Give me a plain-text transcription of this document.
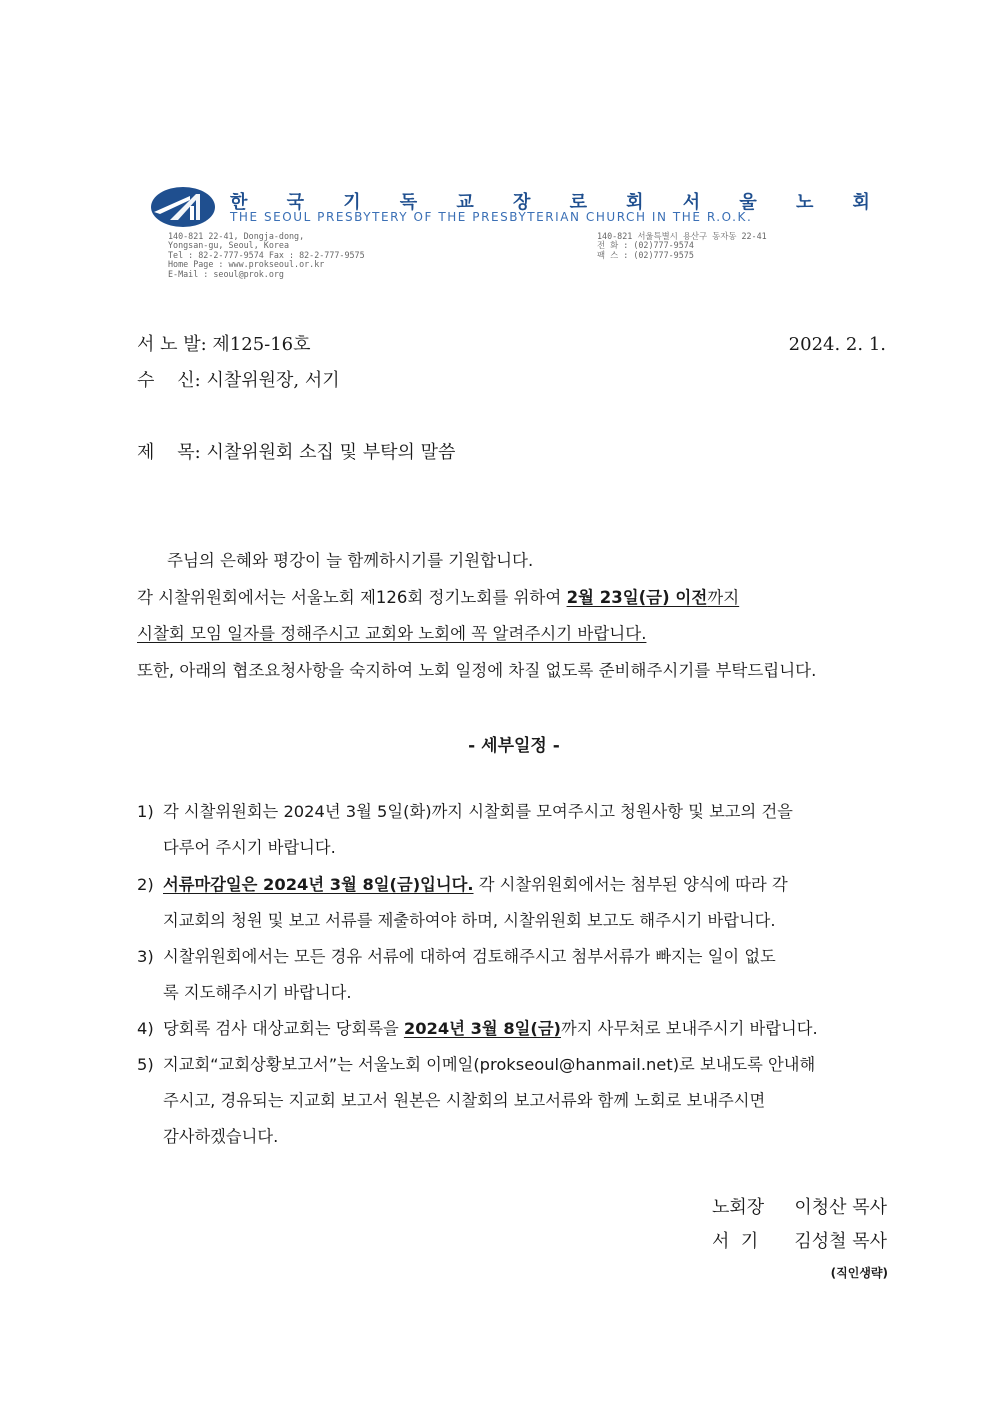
한 국 기 독 교 장 로 회 서 울 노 회
THE SEOUL PRESBYTERY OF THE PRESBYTERIAN CHURCH IN THE R.O.K.
140-821 22-41, Dongja-dong,
Yongsan-gu, Seoul, Korea
Tel : 82-2-777-9574 Fax : 82-2-777-9575
Home Page : www.prokseoul.or.kr
E-Mail : seoul@prok.org
140-821 서울특별시 용산구 동자동 22-41
전 화 : (02)777-9574
팩 스 : (02)777-9575
서 노 발: 제125-16호	2024. 2. 1.
수    신: 시찰위원장, 서기
제    목: 시찰위원회 소집 및 부탁의 말씀
주님의 은혜와 평강이 늘 함께하시기를 기원합니다.
각 시찰위원회에서는 서울노회 제126회 정기노회를 위하여 2월 23일(금) 이전까지
시찰회 모임 일자를 정해주시고 교회와 노회에 꼭 알려주시기 바랍니다.
또한, 아래의 협조요청사항을 숙지하여 노회 일정에 차질 없도록 준비해주시기를 부탁드립니다.
- 세부일정 -
1) 각 시찰위원회는 2024년 3월 5일(화)까지 시찰회를 모여주시고 청원사항 및 보고의 건을
다루어 주시기 바랍니다.
2) 서류마감일은 2024년 3월 8일(금)입니다. 각 시찰위원회에서는 첨부된 양식에 따라 각
지교회의 청원 및 보고 서류를 제출하여야 하며, 시찰위원회 보고도 해주시기 바랍니다.
3) 시찰위원회에서는 모든 경유 서류에 대하여 검토해주시고 첨부서류가 빠지는 일이 없도
록 지도해주시기 바랍니다.
4) 당회록 검사 대상교회는 당회록을 2024년 3월 8일(금)까지 사무처로 보내주시기 바랍니다.
5) 지교회“교회상황보고서”는 서울노회 이메일(prokseoul@hanmail.net)로 보내도록 안내해
주시고, 경유되는 지교회 보고서 원본은 시찰회의 보고서류와 함께 노회로 보내주시면
감사하겠습니다.
노회장 이청산 목사
서  기 김성철 목사
(직인생략)
